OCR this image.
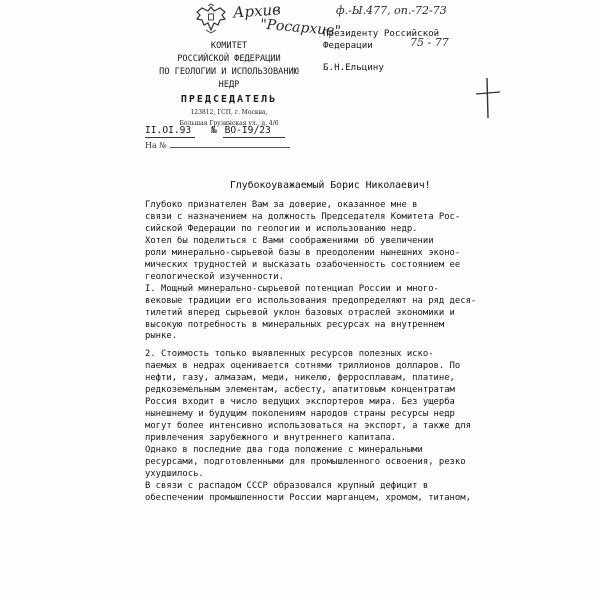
Архив
"Росархив"
ф.-Ы.477, оп.-72-73
75 - 77
КОМИТЕТ
РОССИЙСКОЙ ФЕДЕРАЦИИ
ПО ГЕОЛОГИИ И ИСПОЛЬЗОВАНИЮ
НЕДР
ПРЕДСЕДАТЕЛЬ
123812, ГСП, г. Москва,
Большая Грузинская ул., д. 4/6
Президенту Российской
Федерации
Б.Н.Ельцину
II.OI.93 № ВО-I9/23
На №
Глубокоуважаемый Борис Николаевич!
Глубоко признателен Вам за доверие, оказанное мне в
связи с назначением на должность Председателя Комитета Рос-
сийской Федерации по геологии и использованию недр.
Хотел бы поделиться с Вами соображениями об увеличении
роли минерально-сырьевой базы в преодолении нынешних эконо-
мических трудностей и высказать озабоченность состоянием ее
геологической изученности.
I. Мощный минерально-сырьевой потенциал России и много-
вековые традиции его использования предопределяют на ряд деся-
тилетий вперед сырьевой уклон базовых отраслей экономики и
высокую потребность в минеральных ресурсах на внутреннем
рынке.
2. Стоимость только выявленных ресурсов полезных иско-
паемых в недрах оценивается сотнями триллионов долларов. По
нефти, газу, алмазам, меди, никелю, ферросплавам, платине,
редкоземельным элементам, асбесту, апатитовым концентратам
Россия входит в число ведущих экспортеров мира. Без ущерба
нынешнему и будущим поколениям народов страны ресурсы недр
могут более интенсивно использоваться на экспорт, а также для
привлечения зарубежного и внутреннего капитала.
Однако в последние два года положение с минеральными
ресурсами, подготовленными для промышленного освоения, резко
ухудшилось.
В связи с распадом СССР образовался крупный дефицит в
обеспечении промышленности России марганцем, хромом, титаном,
